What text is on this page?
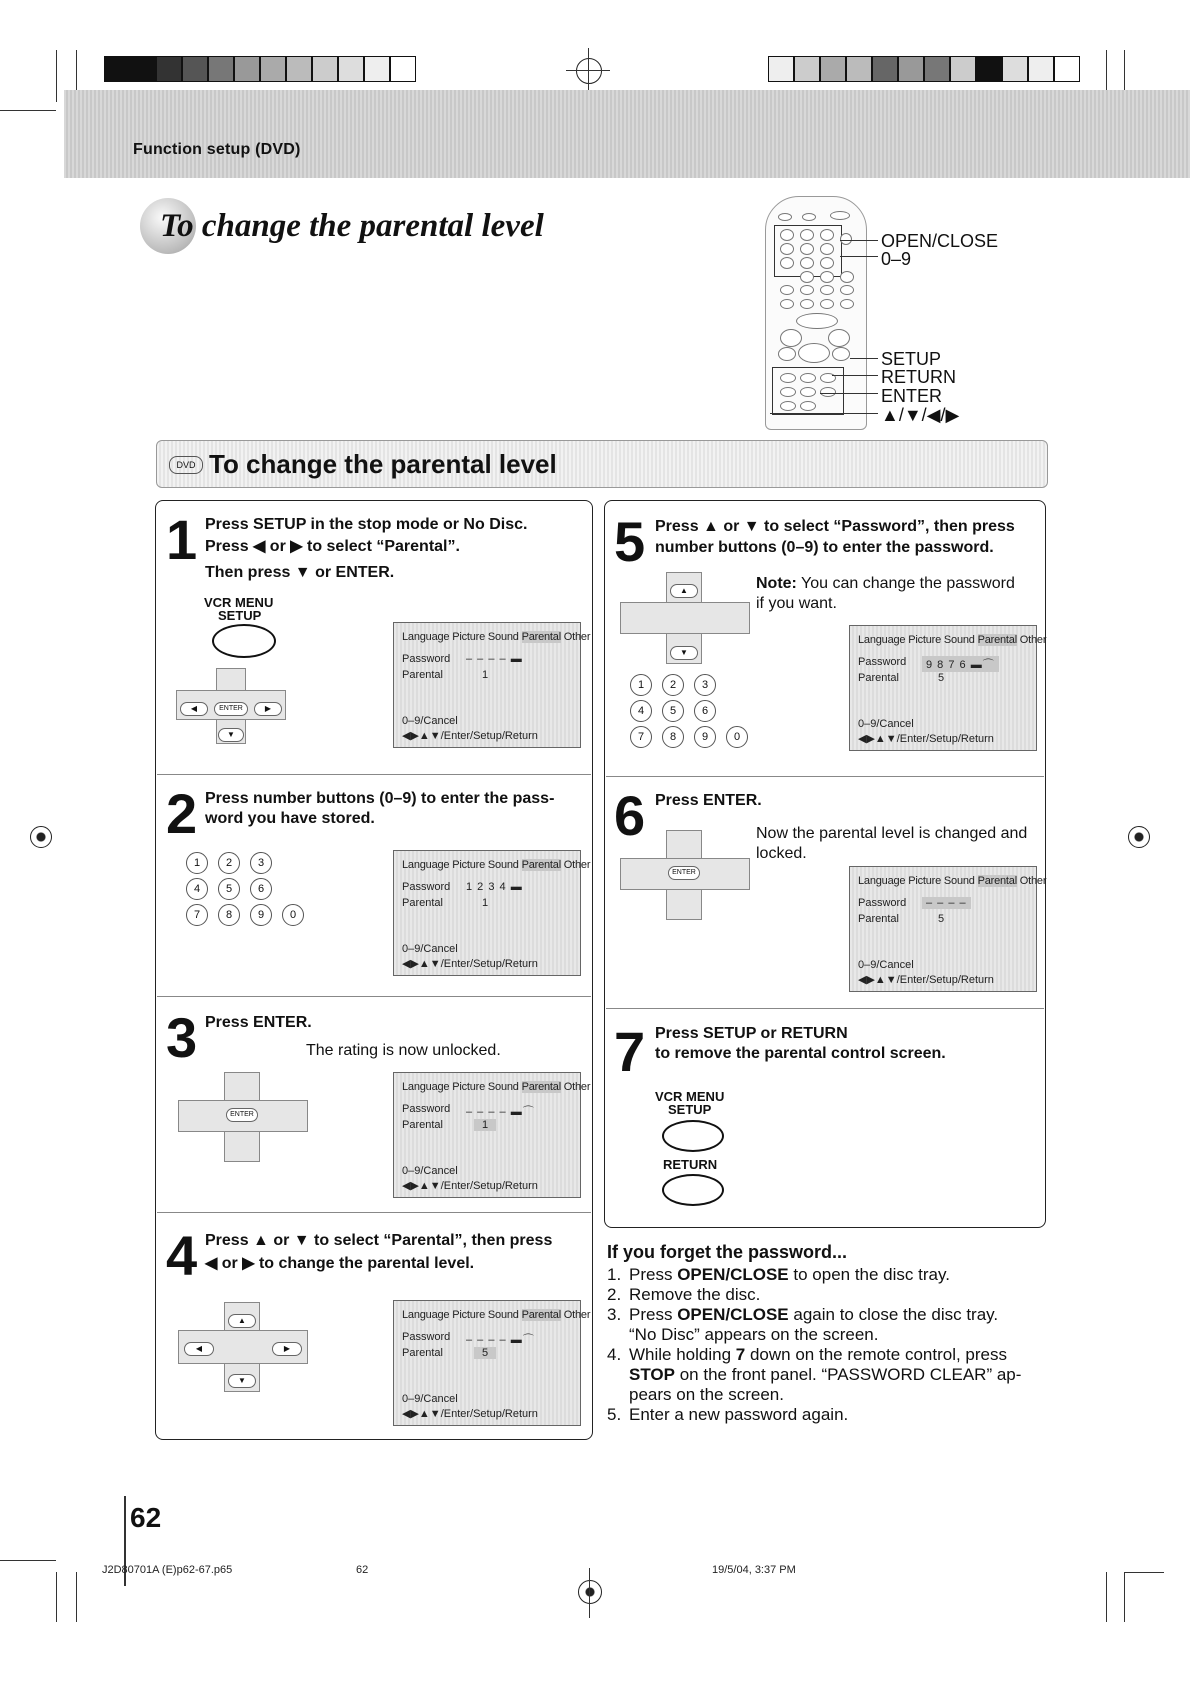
Function setup (DVD)
To change the parental level	OPEN/CLOSE
0–9
SETUP
RETURN
ENTER
▲/▼/◀/▶
DVD To change the parental level
1 Press SETUP in the stop mode or No Disc.
Press ◀ or ▶ to select “Parental”.
Then press ▼ or ENTER.
VCR MENU
SETUP
◀	ENTER	▶
▼
Language Picture Sound Parental Other
Password – – – – ▬
Parental	1
0–9/Cancel
◀▶▲▼/Enter/Setup/Return
2 Press number buttons (0–9) to enter the pass-
word you have stored.
1	2	3
4	5	6
7	8	9	0
Language Picture Sound Parental Other
Password 1 2 3 4 ▬
Parental	1
0–9/Cancel
◀▶▲▼/Enter/Setup/Return
3 Press ENTER.
The rating is now unlocked.
ENTER
Language Picture Sound Parental Other
Password – – – – ▬⌒
Parental	1
0–9/Cancel
◀▶▲▼/Enter/Setup/Return
4 Press ▲ or ▼ to select “Parental”, then press
◀ or ▶ to change the parental level.
▲
◀	▶
▼
Language Picture Sound Parental Other
Password – – – – ▬⌒
Parental	5
0–9/Cancel
◀▶▲▼/Enter/Setup/Return
5 Press ▲ or ▼ to select “Password”, then press
number buttons (0–9) to enter the password.
Note: You can change the password
if you want.
▲
▼
1	2	3
4	5	6
7	8	9	0
Language Picture Sound Parental Other
Password	9 8 7 6 ▬⌒
Parental	5
0–9/Cancel
◀▶▲▼/Enter/Setup/Return
6 Press ENTER.
Now the parental level is changed and
locked.
ENTER
Language Picture Sound Parental Other
Password	– – – –
Parental	5
0–9/Cancel
◀▶▲▼/Enter/Setup/Return
7 Press SETUP or RETURN
to remove the parental control screen.
VCR MENU
SETUP
RETURN
If you forget the password...
1. Press OPEN/CLOSE to open the disc tray.
2. Remove the disc.
3. Press OPEN/CLOSE again to close the disc tray.
“No Disc” appears on the screen.
4. While holding 7 down on the remote control, press
STOP on the front panel. “PASSWORD CLEAR” ap-
pears on the screen.
5. Enter a new password again.
62
J2D80701A (E)p62-67.p65	62	19/5/04, 3:37 PM
